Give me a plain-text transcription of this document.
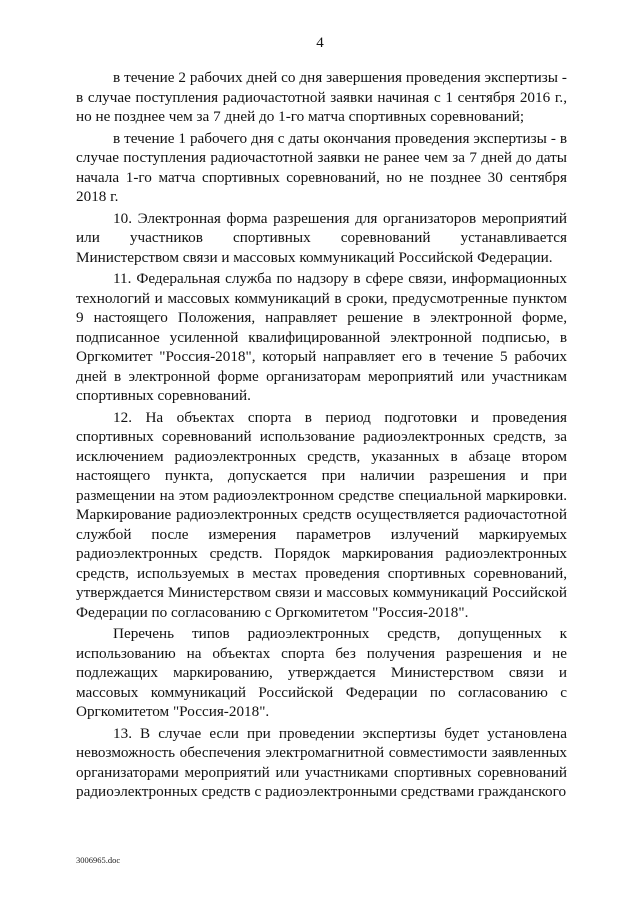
4

в течение 2 рабочих дней со дня завершения проведения экспертизы - в случае поступления радиочастотной заявки начиная с 1 сентября 2016 г., но не позднее чем за 7 дней до 1-го матча спортивных соревнований;

в течение 1 рабочего дня с даты окончания проведения экспертизы - в случае поступления радиочастотной заявки не ранее чем за 7 дней до даты начала 1-го матча спортивных соревнований, но не позднее 30 сентября 2018 г.

10. Электронная форма разрешения для организаторов мероприятий или участников спортивных соревнований устанавливается Министерством связи и массовых коммуникаций Российской Федерации.

11. Федеральная служба по надзору в сфере связи, информационных технологий и массовых коммуникаций в сроки, предусмотренные пунктом 9 настоящего Положения, направляет решение в электронной форме, подписанное усиленной квалифицированной электронной подписью, в Оргкомитет "Россия-2018", который направляет его в течение 5 рабочих дней в электронной форме организаторам мероприятий или участникам спортивных соревнований.

12. На объектах спорта в период подготовки и проведения спортивных соревнований использование радиоэлектронных средств, за исключением радиоэлектронных средств, указанных в абзаце втором настоящего пункта, допускается при наличии разрешения и при размещении на этом радиоэлектронном средстве специальной маркировки. Маркирование радиоэлектронных средств осуществляется радиочастотной службой после измерения параметров излучений маркируемых радиоэлектронных средств. Порядок маркирования радиоэлектронных средств, используемых в местах проведения спортивных соревнований, утверждается Министерством связи и массовых коммуникаций Российской Федерации по согласованию с Оргкомитетом "Россия-2018".

Перечень типов радиоэлектронных средств, допущенных к использованию на объектах спорта без получения разрешения и не подлежащих маркированию, утверждается Министерством связи и массовых коммуникаций Российской Федерации по согласованию с Оргкомитетом "Россия-2018".

13. В случае если при проведении экспертизы будет установлена невозможность обеспечения электромагнитной совместимости заявленных организаторами мероприятий или участниками спортивных соревнований радиоэлектронных средств с радиоэлектронными средствами гражданского

3006965.doc
